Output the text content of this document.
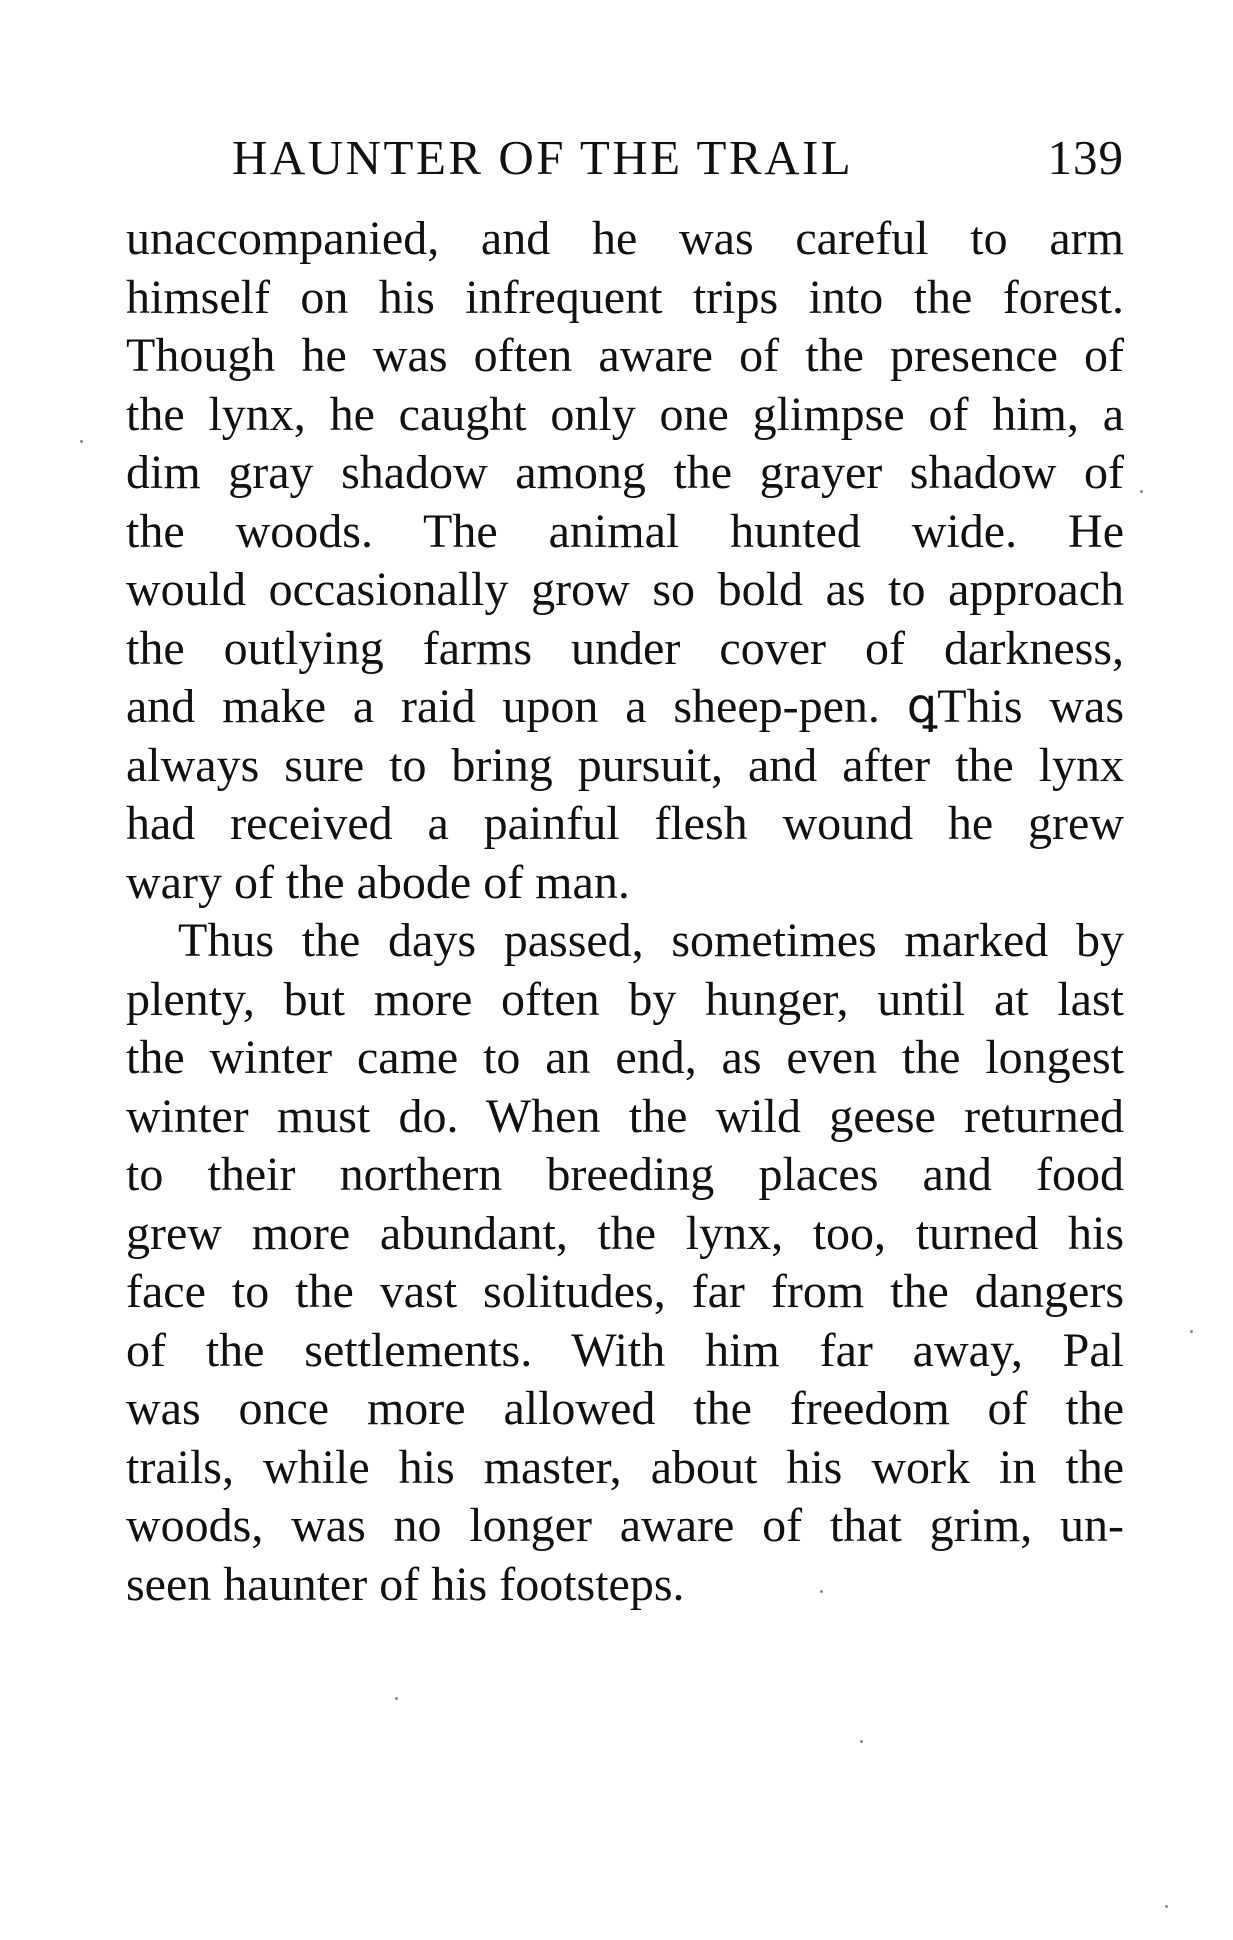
HAUNTER OF THE TRAIL	139
unaccompanied, and he was careful to arm
himself on his infrequent trips into the forest.
Though he was often aware of the presence of
the lynx, he caught only one glimpse of him, a
dim gray shadow among the grayer shadow of
the woods. The animal hunted wide. He
would occasionally grow so bold as to approach
the outlying farms under cover of darkness,
and make a raid upon a sheep-pen. ꝗThis was
always sure to bring pursuit, and after the lynx
had received a painful flesh wound he grew
wary of the abode of man.
Thus the days passed, sometimes marked by
plenty, but more often by hunger, until at last
the winter came to an end, as even the longest
winter must do. When the wild geese returned
to their northern breeding places and food
grew more abundant, the lynx, too, turned his
face to the vast solitudes, far from the dangers
of the settlements. With him far away, Pal
was once more allowed the freedom of the
trails, while his master, about his work in the
woods, was no longer aware of that grim, un-
seen haunter of his footsteps.
